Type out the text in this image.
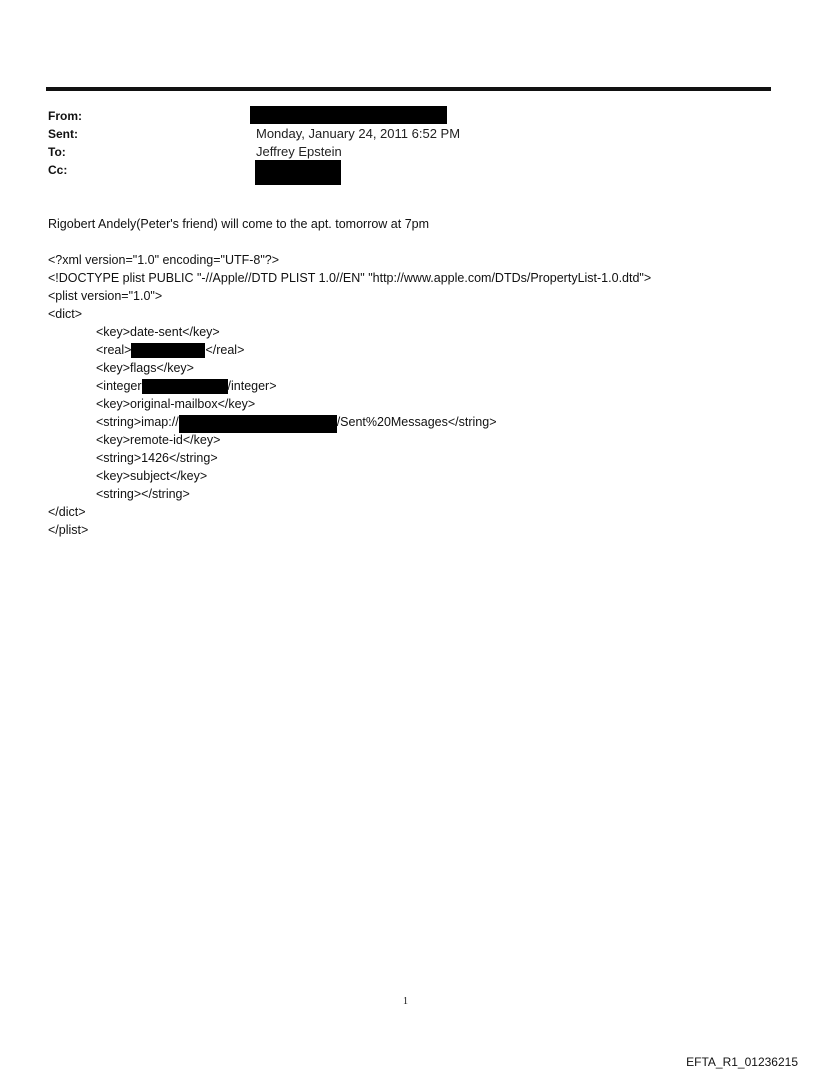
From:
Sent:	Monday, January 24, 2011 6:52 PM
To:	Jeffrey Epstein
Cc:
Rigobert Andely(Peter's friend) will come to the apt. tomorrow at 7pm
<?xml version="1.0" encoding="UTF-8"?>
<!DOCTYPE plist PUBLIC "-//Apple//DTD PLIST 1.0//EN" "http://www.apple.com/DTDs/PropertyList-1.0.dtd">
<plist version="1.0">
<dict>
<key>date-sent</key>
<real>	</real>
<key>flags</key>
<integer	/integer>
<key>original-mailbox</key>
<string>imap://	/Sent%20Messages</string>
<key>remote-id</key>
<string>1426</string>
<key>subject</key>
<string></string>
</dict>
</plist>
1
EFTA_R1_01236215
